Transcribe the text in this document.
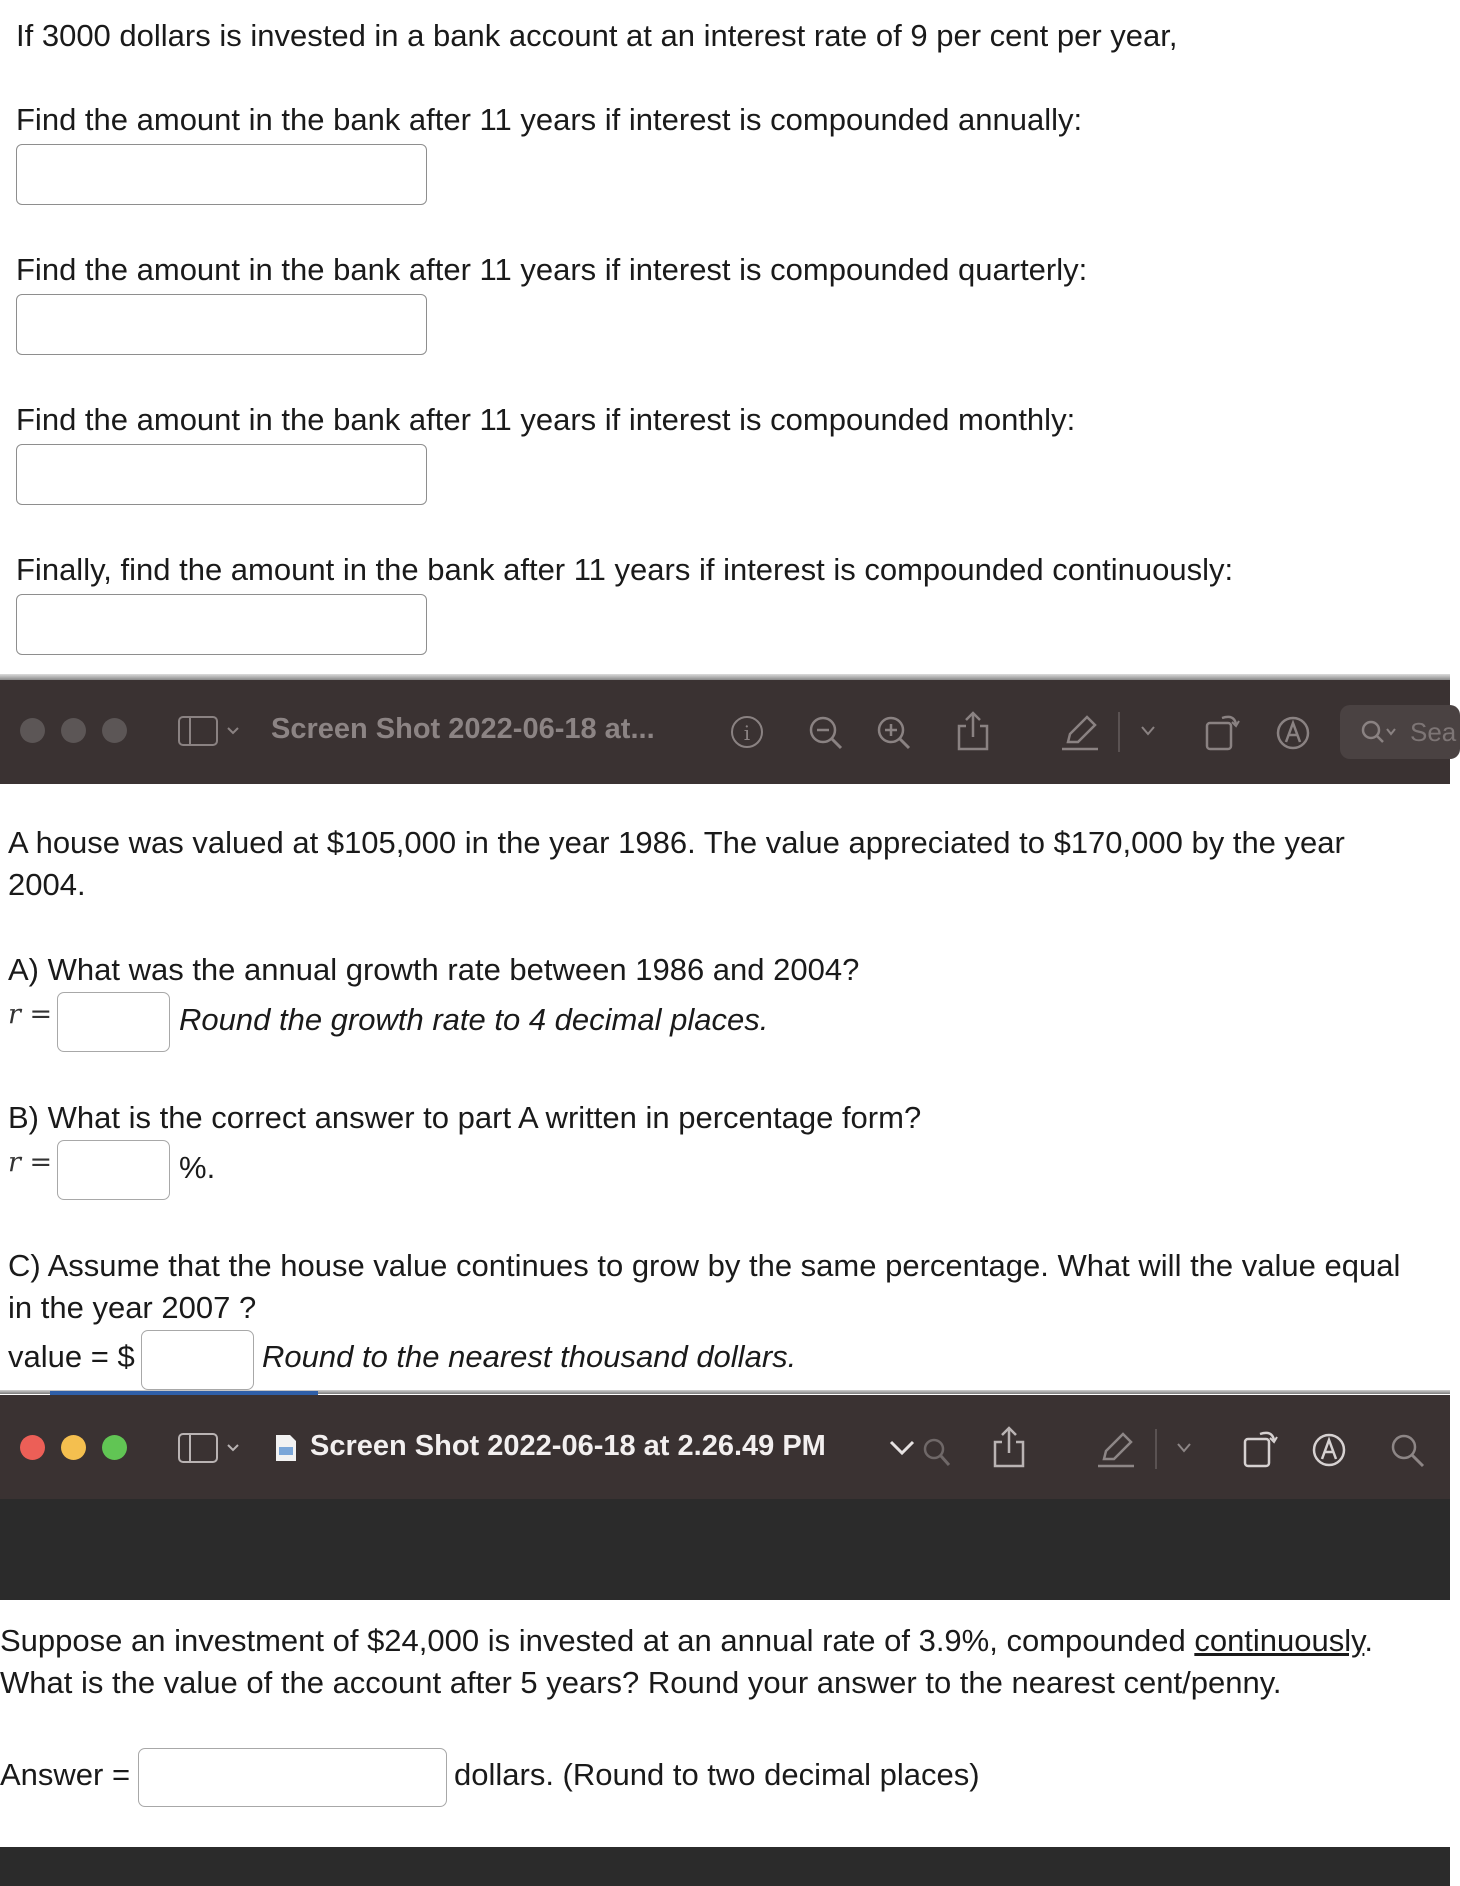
If 3000 dollars is invested in a bank account at an interest rate of 9 per cent per year,
Find the amount in the bank after 11 years if interest is compounded annually:
Find the amount in the bank after 11 years if interest is compounded quarterly:
Find the amount in the bank after 11 years if interest is compounded monthly:
Finally, find the amount in the bank after 11 years if interest is compounded continuously:
Screen Shot 2022-06-18 at...	i	Sea
A house was valued at $105,000 in the year 1986. The value appreciated to $170,000 by the year 2004.
A) What was the annual growth rate between 1986 and 2004?
r =	Round the growth rate to 4 decimal places.
B) What is the correct answer to part A written in percentage form?
r =	%.
C) Assume that the house value continues to grow by the same percentage. What will the value equal in the year 2007 ?
value = $	Round to the nearest thousand dollars.
Screen Shot 2022-06-18 at 2.26.49 PM
Suppose an investment of $24,000 is invested at an annual rate of 3.9%, compounded continuously.
What is the value of the account after 5 years? Round your answer to the nearest cent/penny.
Answer =	dollars. (Round to two decimal places)
